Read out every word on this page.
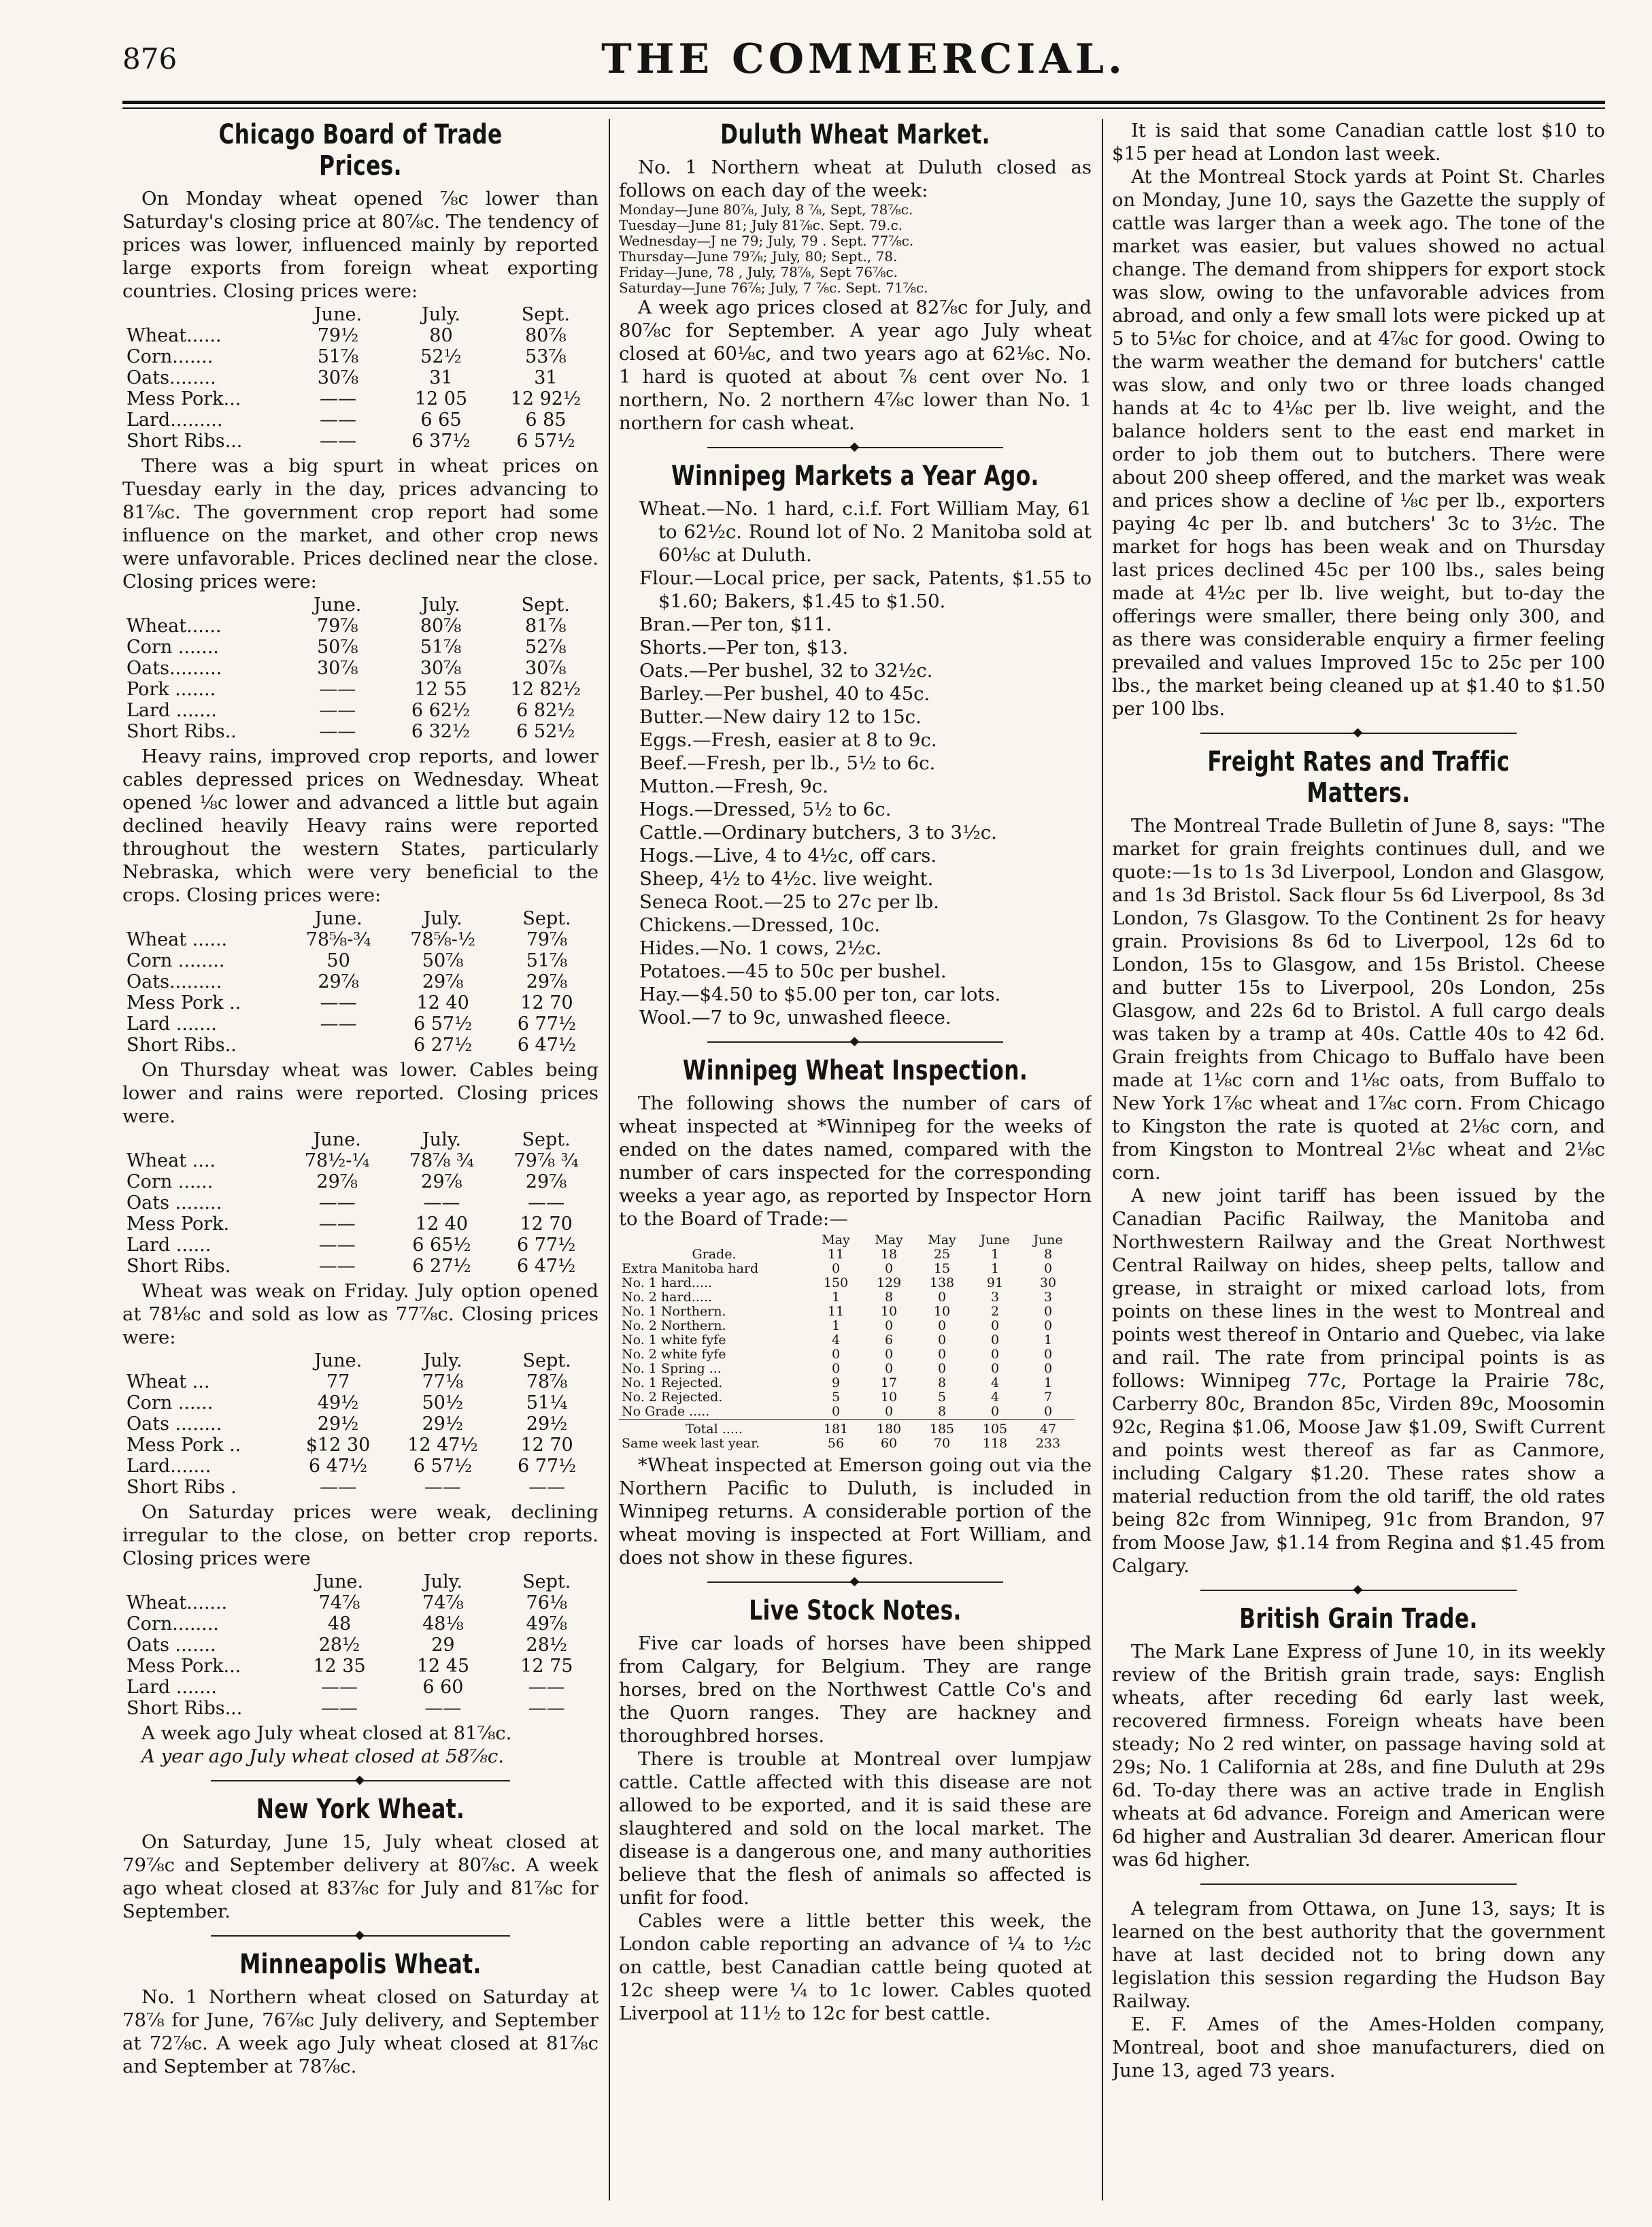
876	THE COMMERCIAL.
Chicago Board of Trade Prices.

On Monday wheat opened ⅞c lower than Saturday's closing price at 80⅞c. The tendency of prices was lower, influenced mainly by reported large exports from foreign wheat exporting countries. Closing prices were:

	June.	July.	Sept.
Wheat......	79½	80	80⅞
Corn.......	51⅞	52½	53⅞
Oats........	30⅞	31	31
Mess Pork...	——	12 05	12 92½
Lard.........	——	6 65	6 85
Short Ribs...	——	6 37½	6 57½

There was a big spurt in wheat prices on Tuesday early in the day, prices advancing to 81⅞c. The government crop report had some influence on the market, and other crop news were unfavorable. Prices declined near the close. Closing prices were:

	June.	July.	Sept.
Wheat......	79⅞	80⅞	81⅞
Corn .......	50⅞	51⅞	52⅞
Oats.........	30⅞	30⅞	30⅞
Pork .......	——	12 55	12 82½
Lard .......	——	6 62½	6 82½
Short Ribs..	——	6 32½	6 52½

Heavy rains, improved crop reports, and lower cables depressed prices on Wednesday. Wheat opened ⅛c lower and advanced a little but again declined heavily Heavy rains were reported throughout the western States, particularly Nebraska, which were very beneficial to the crops. Closing prices were:

	June.	July.	Sept.
Wheat ......	78⅝-¾	78⅝-½	79⅞
Corn ........	50	50⅞	51⅞
Oats.........	29⅞	29⅞	29⅞
Mess Pork ..	——	12 40	12 70
Lard .......	——	6 57½	6 77½
Short Ribs..		6 27½	6 47½

On Thursday wheat was lower. Cables being lower and rains were reported. Closing prices were.

	June.	July.	Sept.
Wheat ....	78½-¼	78⅞ ¾	79⅞ ¾
Corn ......	29⅞	29⅞	29⅞
Oats ........	——	——	——
Mess Pork.	——	12 40	12 70
Lard ......	——	6 65½	6 77½
Short Ribs.	——	6 27½	6 47½

Wheat was weak on Friday. July option opened at 78⅛c and sold as low as 77⅞c. Closing prices were:

	June.	July.	Sept.
Wheat ...	77	77⅛	78⅞
Corn ......	49½	50½	51¼
Oats ........	29½	29½	29½
Mess Pork ..	$12 30	12 47½	12 70
Lard.......	6 47½	6 57½	6 77½
Short Ribs .	——	——	——

On Saturday prices were weak, declining irregular to the close, on better crop reports. Closing prices were

	June.	July.	Sept.
Wheat.......	74⅞	74⅞	76⅛
Corn........	48	48⅛	49⅞
Oats .......	28½	29	28½
Mess Pork...	12 35	12 45	12 75
Lard .......	——	6 60	——
Short Ribs...	——	——	——

A week ago July wheat closed at 81⅞c.

A year ago July wheat closed at 58⅞c.

◆
New York Wheat.

On Saturday, June 15, July wheat closed at 79⅞c and September delivery at 80⅞c. A week ago wheat closed at 83⅞c for July and 81⅞c for September.

◆
Minneapolis Wheat.

No. 1 Northern wheat closed on Saturday at 78⅞ for June, 76⅞c July delivery, and September at 72⅞c. A week ago July wheat closed at 81⅞c and September at 78⅞c.

Duluth Wheat Market.

No. 1 Northern wheat at Duluth closed as follows on each day of the week:

Monday—June 80⅞, July, 8 ⅞, Sept, 78⅞c.

Tuesday—June 81; July 81⅞c. Sept. 79.c.

Wednesday—J ne 79; July, 79 . Sept. 77⅞c.

Thursday—June 79⅞; July, 80; Sept., 78.

Friday—June, 78 , July, 78⅞, Sept 76⅞c.

Saturday—June 76⅞; July, 7 ⅞c. Sept. 71⅞c.

A week ago prices closed at 82⅞c for July, and 80⅞c for September. A year ago July wheat closed at 60⅛c, and two years ago at 62⅛c. No. 1 hard is quoted at about ⅞ cent over No. 1 northern, No. 2 northern 4⅞c lower than No. 1 northern for cash wheat.

◆
Winnipeg Markets a Year Ago.

Wheat.—No. 1 hard, c.i.f. Fort William May, 61 to 62½c. Round lot of No. 2 Manitoba sold at 60⅛c at Duluth.

Flour.—Local price, per sack, Patents, $1.55 to $1.60; Bakers, $1.45 to $1.50.

Bran.—Per ton, $11.

Shorts.—Per ton, $13.

Oats.—Per bushel, 32 to 32½c.

Barley.—Per bushel, 40 to 45c.

Butter.—New dairy 12 to 15c.

Eggs.—Fresh, easier at 8 to 9c.

Beef.—Fresh, per lb., 5½ to 6c.

Mutton.—Fresh, 9c.

Hogs.—Dressed, 5½ to 6c.

Cattle.—Ordinary butchers, 3 to 3½c.

Hogs.—Live, 4 to 4½c, off cars.

Sheep, 4½ to 4½c. live weight.

Seneca Root.—25 to 27c per lb.

Chickens.—Dressed, 10c.

Hides.—No. 1 cows, 2½c.

Potatoes.—45 to 50c per bushel.

Hay.—$4.50 to $5.00 per ton, car lots.

Wool.—7 to 9c, unwashed fleece.

◆
Winnipeg Wheat Inspection.

The following shows the number of cars of wheat inspected at *Winnipeg for the weeks of ended on the dates named, compared with the number of cars inspected for the corresponding weeks a year ago, as reported by Inspector Horn to the Board of Trade:—

	May	May	May	June	June
Grade.	11	18	25	1	8
Extra Manitoba hard	0	0	15	1	0
No. 1 hard.....	150	129	138	91	30
No. 2 hard.....	1	8	0	3	3
No. 1 Northern.	11	10	10	2	0
No. 2 Northern.	1	0	0	0	0
No. 1 white fyfe	4	6	0	0	1
No. 2 white fyfe	0	0	0	0	0
No. 1 Spring ...	0	0	0	0	0
No. 1 Rejected.	9	17	8	4	1
No. 2 Rejected.	5	10	5	4	7
No Grade .....	0	0	8	0	0
Total .....	181	180	185	105	47
Same week last year.	56	60	70	118	233

*Wheat inspected at Emerson going out via the Northern Pacific to Duluth, is included in Winnipeg returns. A considerable portion of the wheat moving is inspected at Fort William, and does not show in these figures.

◆
Live Stock Notes.

Five car loads of horses have been shipped from Calgary, for Belgium. They are range horses, bred on the Northwest Cattle Co's and the Quorn ranges. They are hackney and thoroughbred horses.

There is trouble at Montreal over lumpjaw cattle. Cattle affected with this disease are not allowed to be exported, and it is said these are slaughtered and sold on the local market. The disease is a dangerous one, and many authorities believe that the flesh of animals so affected is unfit for food.

Cables were a little better this week, the London cable reporting an advance of ¼ to ½c on cattle, best Canadian cattle being quoted at 12c sheep were ¼ to 1c lower. Cables quoted Liverpool at 11½ to 12c for best cattle.

It is said that some Canadian cattle lost $10 to $15 per head at London last week.

At the Montreal Stock yards at Point St. Charles on Monday, June 10, says the Gazette the supply of cattle was larger than a week ago. The tone of the market was easier, but values showed no actual change. The demand from shippers for export stock was slow, owing to the unfavorable advices from abroad, and only a few small lots were picked up at 5 to 5⅛c for choice, and at 4⅞c for good. Owing to the warm weather the demand for butchers' cattle was slow, and only two or three loads changed hands at 4c to 4⅛c per lb. live weight, and the balance holders sent to the east end market in order to job them out to butchers. There were about 200 sheep offered, and the market was weak and prices show a decline of ⅛c per lb., exporters paying 4c per lb. and butchers' 3c to 3½c. The market for hogs has been weak and on Thursday last prices declined 45c per 100 lbs., sales being made at 4½c per lb. live weight, but to-day the offerings were smaller, there being only 300, and as there was considerable enquiry a firmer feeling prevailed and values Improved 15c to 25c per 100 lbs., the market being cleaned up at $1.40 to $1.50 per 100 lbs.

◆
Freight Rates and Traffic Matters.

The Montreal Trade Bulletin of June 8, says: "The market for grain freights continues dull, and we quote:—1s to 1s 3d Liverpool, London and Glasgow, and 1s 3d Bristol. Sack flour 5s 6d Liverpool, 8s 3d London, 7s Glasgow. To the Continent 2s for heavy grain. Provisions 8s 6d to Liverpool, 12s 6d to London, 15s to Glasgow, and 15s Bristol. Cheese and butter 15s to Liverpool, 20s London, 25s Glasgow, and 22s 6d to Bristol. A full cargo deals was taken by a tramp at 40s. Cattle 40s to 42 6d. Grain freights from Chicago to Buffalo have been made at 1⅛c corn and 1⅛c oats, from Buffalo to New York 1⅞c wheat and 1⅞c corn. From Chicago to Kingston the rate is quoted at 2⅛c corn, and from Kingston to Montreal 2⅛c wheat and 2⅛c corn.

A new joint tariff has been issued by the Canadian Pacific Railway, the Manitoba and Northwestern Railway and the Great Northwest Central Railway on hides, sheep pelts, tallow and grease, in straight or mixed carload lots, from points on these lines in the west to Montreal and points west thereof in Ontario and Quebec, via lake and rail. The rate from principal points is as follows: Winnipeg 77c, Portage la Prairie 78c, Carberry 80c, Brandon 85c, Virden 89c, Moosomin 92c, Regina $1.06, Moose Jaw $1.09, Swift Current and points west thereof as far as Canmore, including Calgary $1.20. These rates show a material reduction from the old tariff, the old rates being 82c from Winnipeg, 91c from Brandon, 97 from Moose Jaw, $1.14 from Regina and $1.45 from Calgary.

◆
British Grain Trade.

The Mark Lane Express of June 10, in its weekly review of the British grain trade, says: English wheats, after receding 6d early last week, recovered firmness. Foreign wheats have been steady; No 2 red winter, on passage having sold at 29s; No. 1 California at 28s, and fine Duluth at 29s 6d. To-day there was an active trade in English wheats at 6d advance. Foreign and American were 6d higher and Australian 3d dearer. American flour was 6d higher.

A telegram from Ottawa, on June 13, says; It is learned on the best authority that the government have at last decided not to bring down any legislation this session regarding the Hudson Bay Railway.

E. F. Ames of the Ames-Holden company, Montreal, boot and shoe manufacturers, died on June 13, aged 73 years.
